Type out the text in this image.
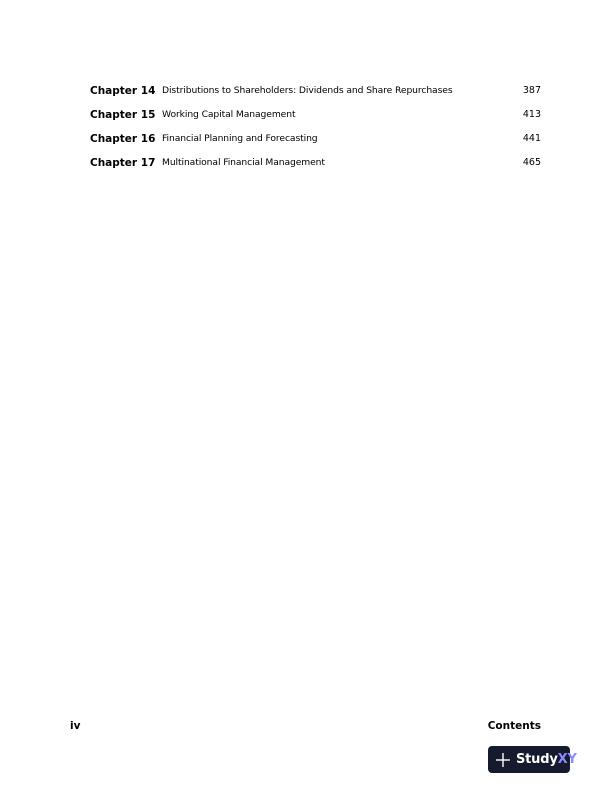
Chapter 14 Distributions to Shareholders: Dividends and Share Repurchases	387
Chapter 15 Working Capital Management	413
Chapter 16 Financial Planning and Forecasting	441
Chapter 17 Multinational Financial Management	465
iv	Contents
StudyXY
